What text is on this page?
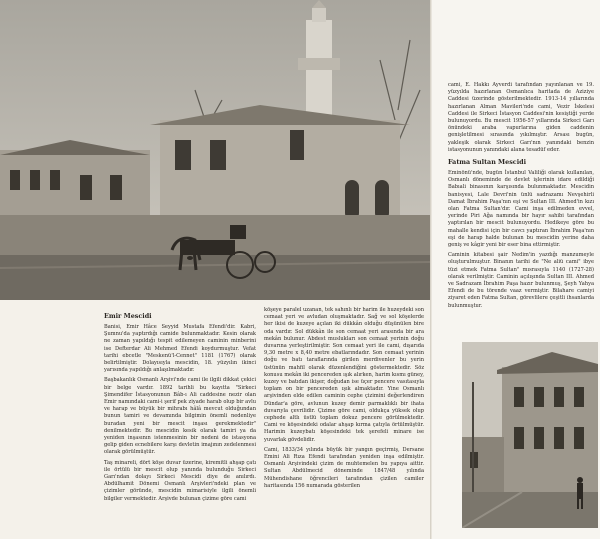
Emir Mescidi

Banisi, Emir Hâce Seyyid Mustafa Efendi'dir. Kabri, Şumnu'da yaptırdığı camide bulunmaktadır. Kesin olarak ne zaman yapıldığı tespit edilemeyen caminin minberini ise Defterdar Ali Mehmed Efendi koydurmuştur. Vefat tarihi ebcetle "Meskenü'l-Cennet" 1181 (1767) olarak belirtilmiştir. Dolayısıyla mescidin, 18. yüzyılın ikinci yarısında yapıldığı anlaşılmaktadır.

Başbakanlık Osmanlı Arşivi'nde cami ile ilgili dikkat çekici bir belge vardır. 1892 tarihli bu kayıtta "Sirkeci Şimendifer İstasyonunun Bâb-ı Ali caddesine nezir olan Emir namındaki cami-i şerif pek ziyade harab olup bir avlu ve harap ve büyük bir mihrabı hâlâ mevcut olduğundan bunun tamiri ve devamında bilgimin önemli nedenliye buradan yeni bir mescit inşası gerekmektedir" denilmektedir. Bu mescidin kesik olarak tamiri ya da yeniden inşasının istenmesinin bir nedeni de istasyona gelip giden ecnebilere karşı devletin imajının zedelenmesi olarak görülmüştür.

Taş minareli, dört köşe duvar üzerine, kiremitli ahşap çatı ile örtülü bir mescit olup yanında bulunduğu Sirkeci Garı'ndan dolayı Sirkeci Mescidi diye de anılırdı. Abdülhamit Dönemi Osmanlı Arşivleri'ndeki plan ve çizimler göründe, mescidin mimarisiyle ilgili önemli bilgiler vermektedir. Arşivde bulunan çizime göre cami

köşeye paralel uzanan, tek sahınlı bir harim ile huzeydeki son cemaat yeri ve avludan oluşmaktadır. Sağ ve sol köşelerde her ikisi de kuzeye açılan iki dükkân olduğu düşünülen bire oda vardır. Sol dükkân ile son cemaat yeri arasında bir ara mekân bulunur. Abdest muslukları son cemaat yerinin doğu duvarına yerleştirilmiştir. Son cemaat yeri ile cami, dışarıda 9,30 metre x 8,40 metre ebatlarındadır. Son cemaat yerinin doğu ve batı taraflarında girilen merdivenler bu yerin üstünün mahfil olarak düzenlendiğini göstermektedir. Söz konusu mekân iki pencereden ışık alırken, harim kısmı güney, kuzey ve batıdan ikişer, doğudan ise üçer pencere vasıtasıyla toplam on bir pencereden ışık almaktadır. Yine Osmanlı arşivinden elde edilen caminin cephe çizimini değerlendiren Dündar'a göre, avlunun kuzey demir parmaklıklı bir ihata duvarıyla çevrilidir. Çizime göre cami, oldukça yüksek olup cephede altlı üstlü toplam dokuz pencere görülmektedir. Cami ve köşesindeki odalar ahşap kırma çatıyla örtülmüştür. Harimin kuzeybatı köşesindeki tek şerefeli minare ise yuvarlak gövdelidir.

Cami, 1833/34 yılında büyük bir yangın geçirmiş, Dersane Emini Ali Rıza Efendi tarafından yeniden inşa edilmiştir. Osmanlı Arşivindeki çizim de muhtemelen bu yapıya aittir. Sultan Abdülmecid döneminde 1847/48 yılında Mühendishane öğrencileri tarafından çizilen camiler haritasında 156 numarada gösterilen

cami, E. Hakkı Ayverdi tarafından yayınlanan ve 19. yüzyılda hazırlanan Osmanlıca haritada de Aziziye Caddesi üzerinde gösterilmektedir. 1913-14 yıllarında hazırlanan Alman Mavileri'nde cami, Vezir İskelesi Caddesi ile Sirkeci İstasyon Caddesi'nin kesiştiği yerde bulunuyordu. Bu mescit 1956-57 yıllarında Sirkeci Garı önündeki araba vapurlarına giden caddenin genişletilmesi sırasında yıkılmıştır. Arsası bugün, yakleşik olarak Sirkeci Garı'nın yanındaki benzin istasyonunun yanındaki alana tesadüf eder.

Fatma Sultan Mescidi

Eminönü'nde, bugün İstanbul Valiliği olarak kullanılan, Osmanlı döneminde de devlet işlerinin idare edildiği Babıali binasının karşısında bulunmaktadır. Mescidin banisyesi, Lale Devri'nin ünlü sadrazamı Nevşehirli Damat İbrahim Paşa'nın eşi ve Sultan III. Ahmed'in kızı olan Fatma Sultan'dır. Cami inşa edilmeden evvel, yerinde Piri Ağa namında bir hayır sahibi tarafından yaptırılan bir mescit bulunuyordu. Hedikeye göre bu mahalle kendisi için bir cavcı yaptıran İbrahim Paşa'nın eşi de harap halde bulunan bu mescidin yerine daha geniş ve kâgir yeni bir eser bina ettirmiştir.

Caminin kitabesi şair Nedim'in yazdığı manzumeyle oluşturulmuştur. Binanın tarihi de "Ne aliü cami" ibye tüzi etmek Fatma Sultan" mısrasıyla 1140 (1727-28) olarak verilmiştir. Caminin açılışında Sultan III. Ahmed ve Sadrazam İbrahim Paşa hazır bulunmuş, Şeyh Yahya Efendi de bu törende vaaz vermiştir. Bilahare camiyi ziyaret eden Fatma Sultan, görevlilere çeşitli ihsanlarda bulunmuştur.
